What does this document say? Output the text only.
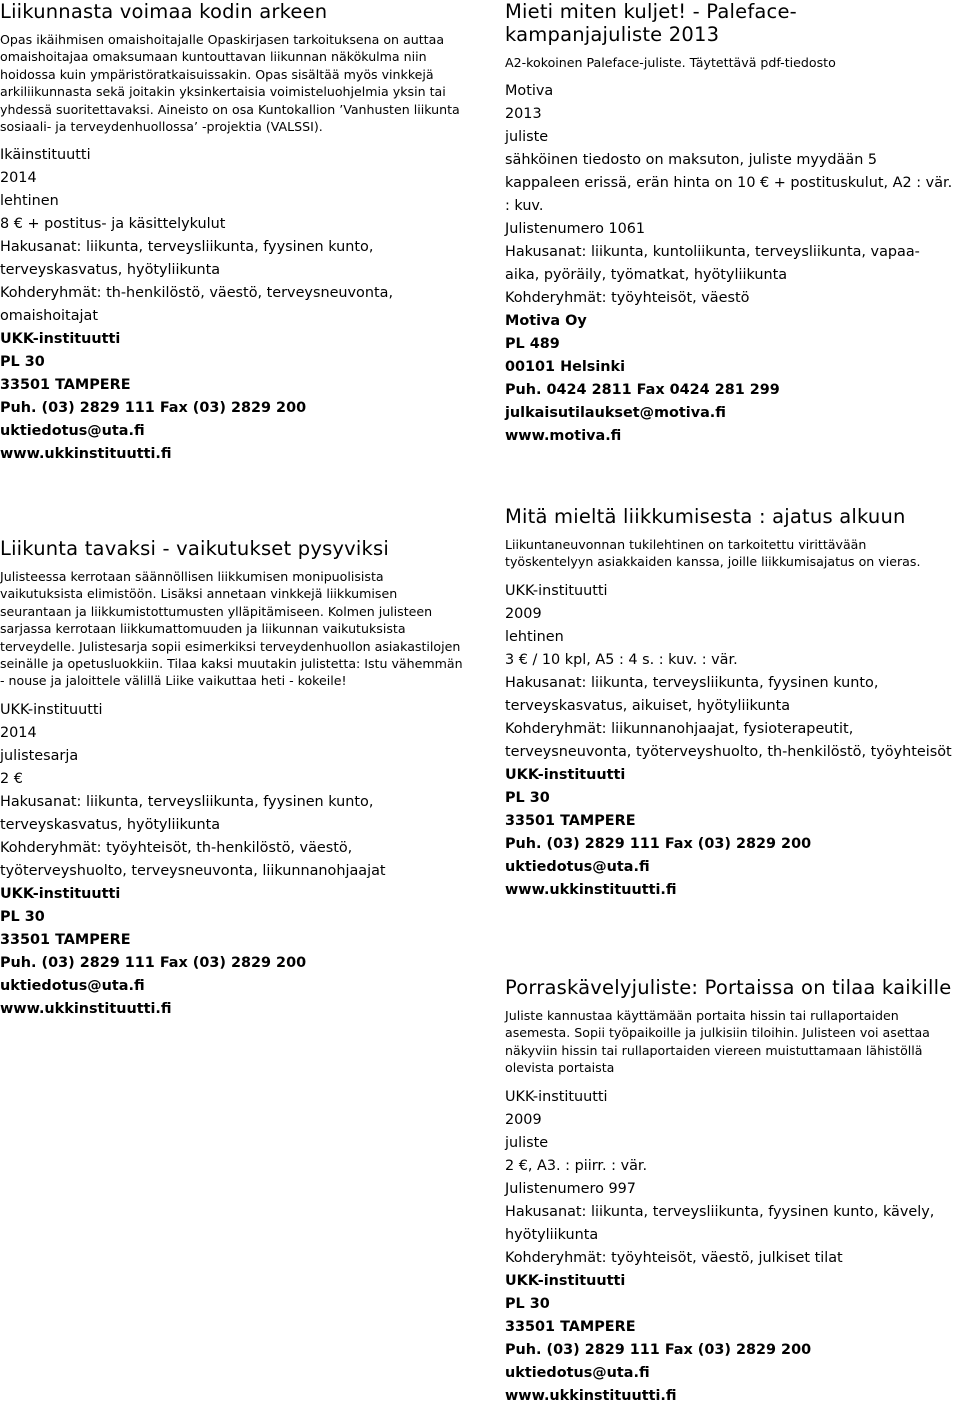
Liikunnasta voimaa kodin arkeen

Opas ikäihmisen omaishoitajalle Opaskirjasen tarkoituksena on auttaa omaishoitajaa omaksumaan kuntouttavan liikunnan näkökulma niin hoidossa kuin ympäristöratkaisuissakin. Opas sisältää myös vinkkejä arkiliikunnasta sekä joitakin yksinkertaisia voimisteluohjelmia yksin tai yhdessä suoritettavaksi. Aineisto on osa Kuntokallion ’Vanhusten liikunta sosiaali- ja terveydenhuollossa’ -projektia (VALSSI).

Ikäinstituutti

2014

lehtinen

8 € + postitus- ja käsittelykulut

Hakusanat: liikunta, terveysliikunta, fyysinen kunto, terveyskasvatus, hyötyliikunta

Kohderyhmät: th-henkilöstö, väestö, terveysneuvonta, omaishoitajat

UKK-instituutti

PL 30

33501 TAMPERE

Puh. (03) 2829 111 Fax (03) 2829 200

uktiedotus@uta.fi

www.ukkinstituutti.fi

Liikunta tavaksi - vaikutukset pysyviksi

Julisteessa kerrotaan säännöllisen liikkumisen monipuolisista vaikutuksista elimistöön. Lisäksi annetaan vinkkejä liikkumisen seurantaan ja liikkumistottumusten ylläpitämiseen. Kolmen julisteen sarjassa kerrotaan liikkumattomuuden ja liikunnan vaikutuksista terveydelle. Julistesarja sopii esimerkiksi terveydenhuollon asiakastilojen seinälle ja opetusluokkiin. Tilaa kaksi muutakin julistetta: Istu vähemmän - nouse ja jaloittele välillä Liike vaikuttaa heti - kokeile!

UKK-instituutti

2014

julistesarja

2 €

Hakusanat: liikunta, terveysliikunta, fyysinen kunto, terveyskasvatus, hyötyliikunta

Kohderyhmät: työyhteisöt, th-henkilöstö, väestö, työterveyshuolto, terveysneuvonta, liikunnanohjaajat

UKK-instituutti

PL 30

33501 TAMPERE

Puh. (03) 2829 111 Fax (03) 2829 200

uktiedotus@uta.fi

www.ukkinstituutti.fi

Mieti miten kuljet! - Paleface-kampanjajuliste 2013

A2-kokoinen Paleface-juliste. Täytettävä pdf-tiedosto

Motiva

2013

juliste

sähköinen tiedosto on maksuton, juliste myydään 5 kappaleen erissä, erän hinta on 10 € + postituskulut, A2 : vär. : kuv.

Julistenumero 1061

Hakusanat: liikunta, kuntoliikunta, terveysliikunta, vapaa-aika, pyöräily, työmatkat, hyötyliikunta

Kohderyhmät: työyhteisöt, väestö

Motiva Oy

PL 489

00101 Helsinki

Puh. 0424 2811 Fax 0424 281 299

julkaisutilaukset@motiva.fi

www.motiva.fi

Mitä mieltä liikkumisesta : ajatus alkuun

Liikuntaneuvonnan tukilehtinen on tarkoitettu virittävään työskentelyyn asiakkaiden kanssa, joille liikkumisajatus on vieras.

UKK-instituutti

2009

lehtinen

3 € / 10 kpl, A5 : 4 s. : kuv. : vär.

Hakusanat: liikunta, terveysliikunta, fyysinen kunto, terveyskasvatus, aikuiset, hyötyliikunta

Kohderyhmät: liikunnanohjaajat, fysioterapeutit, terveysneuvonta, työterveyshuolto, th-henkilöstö, työyhteisöt

UKK-instituutti

PL 30

33501 TAMPERE

Puh. (03) 2829 111 Fax (03) 2829 200

uktiedotus@uta.fi

www.ukkinstituutti.fi

Porraskävelyjuliste: Portaissa on tilaa kaikille

Juliste kannustaa käyttämään portaita hissin tai rullaportaiden asemesta. Sopii työpaikoille ja julkisiin tiloihin. Julisteen voi asettaa näkyviin hissin tai rullaportaiden viereen muistuttamaan lähistöllä olevista portaista

UKK-instituutti

2009

juliste

2 €, A3. : piirr. : vär.

Julistenumero 997

Hakusanat: liikunta, terveysliikunta, fyysinen kunto, kävely, hyötyliikunta

Kohderyhmät: työyhteisöt, väestö, julkiset tilat

UKK-instituutti

PL 30

33501 TAMPERE

Puh. (03) 2829 111 Fax (03) 2829 200

uktiedotus@uta.fi

www.ukkinstituutti.fi
